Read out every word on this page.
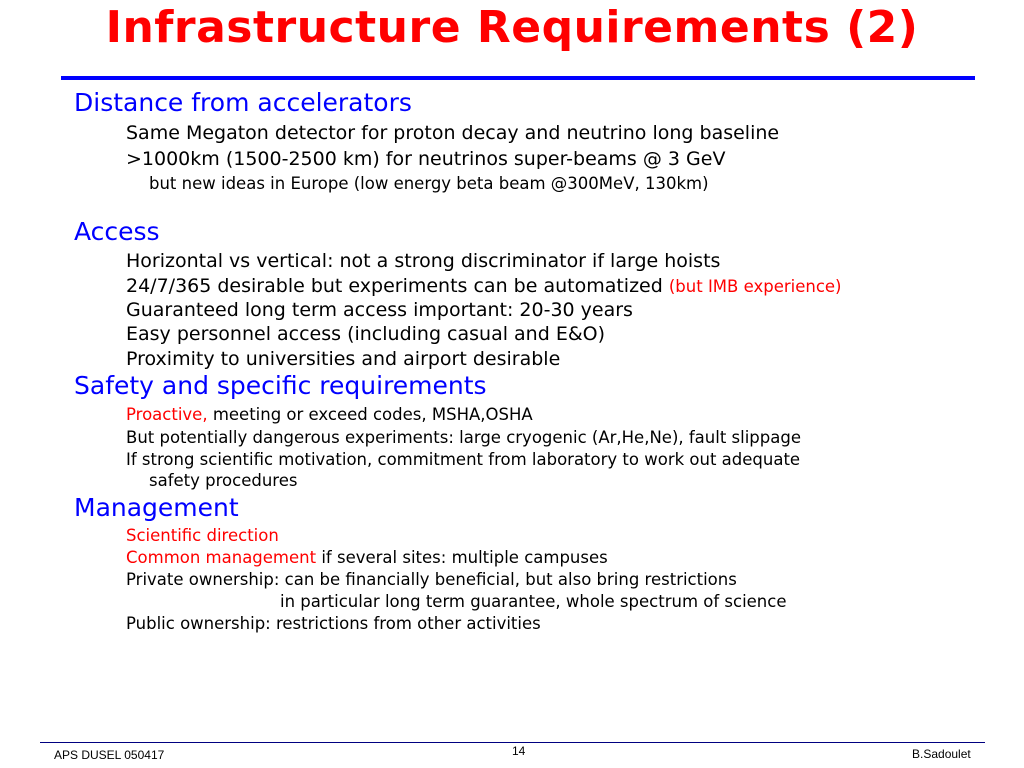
Infrastructure Requirements (2)

Distance from accelerators

Same Megaton detector for proton decay and neutrino long baseline

>1000km (1500-2500 km) for neutrinos super-beams @ 3 GeV

but new ideas in Europe (low energy beta beam @300MeV, 130km)

Access

Horizontal vs vertical: not a strong discriminator if large hoists

24/7/365 desirable but experiments can be automatized (but IMB experience)

Guaranteed long term access important: 20-30 years

Easy personnel access (including casual and E&O)

Proximity to universities and airport desirable

Safety and specific requirements

Proactive, meeting or exceed codes, MSHA,OSHA

But potentially dangerous experiments: large cryogenic (Ar,He,Ne), fault slippage

If strong scientific motivation, commitment from laboratory to work out adequate

safety procedures

Management

Scientific direction

Common management if several sites: multiple campuses

Private ownership: can be financially beneficial, but also bring restrictions

in particular long term guarantee, whole spectrum of science

Public ownership: restrictions from other activities

APS DUSEL 050417	14	B.Sadoulet
